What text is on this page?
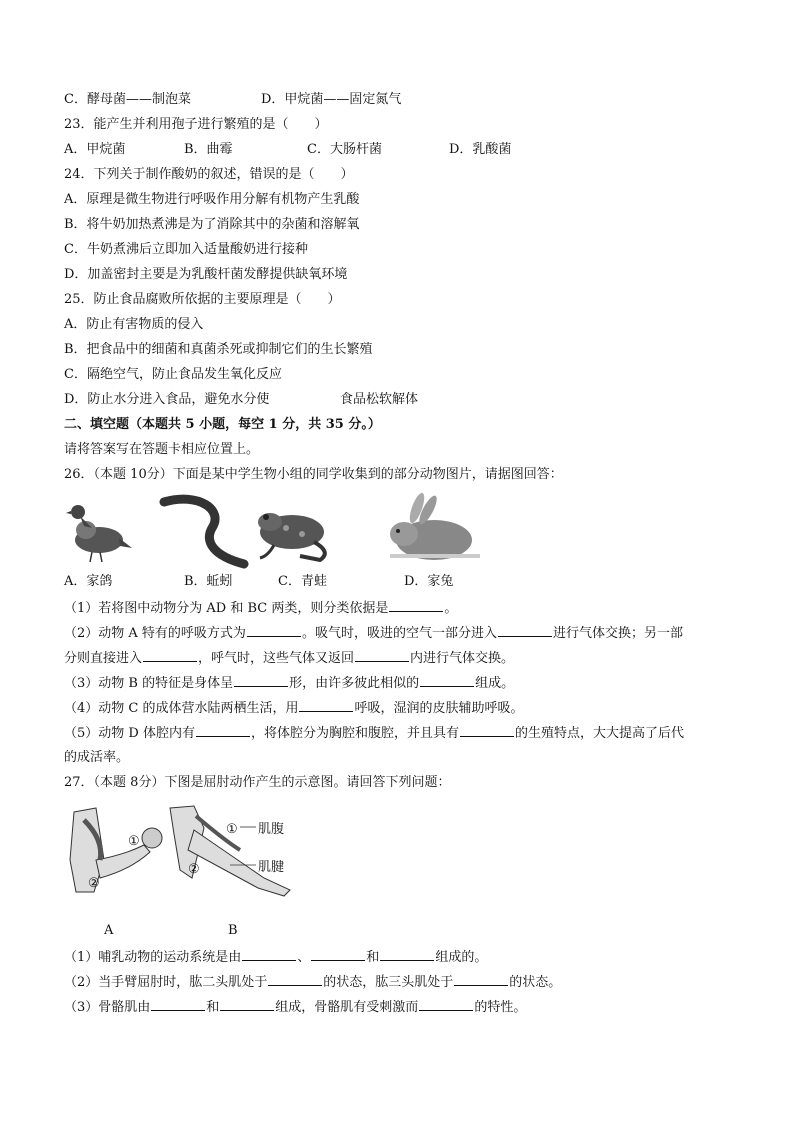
C．酵母菌——制泡菜	D．甲烷菌——固定氮气
23．能产生并利用孢子进行繁殖的是（　　）
A．甲烷菌	B．曲霉	C．大肠杆菌	D．乳酸菌
24．下列关于制作酸奶的叙述，错误的是（　　）
A．原理是微生物进行呼吸作用分解有机物产生乳酸
B．将牛奶加热煮沸是为了消除其中的杂菌和溶解氧
C．牛奶煮沸后立即加入适量酸奶进行接种
D．加盖密封主要是为乳酸杆菌发酵提供缺氧环境
25．防止食品腐败所依据的主要原理是（　　）
A．防止有害物质的侵入
B．把食品中的细菌和真菌杀死或抑制它们的生长繁殖
C．隔绝空气，防止食品发生氧化反应
D．防止水分进入食品，避免水分使	食品松软解体
二、填空题（本题共 5 小题，每空 1 分，共 35 分。）
请将答案写在答题卡相应位置上。
26．（本题 10分）下面是某中学生物小组的同学收集到的部分动物图片，请据图回答：
A．家鸽	B．蚯蚓	C．青蛙	D．家兔
（1）若将图中动物分为 AD 和 BC 两类，则分类依据是	。
（2）动物 A 特有的呼吸方式为	。吸气时，吸进的空气一部分进入	进行气体交换；另一部
分则直接进入	，呼气时，这些气体又返回	内进行气体交换。
（3）动物 B 的特征是身体呈	形，由许多彼此相似的	组成。
（4）动物 C 的成体营水陆两栖生活，用	呼吸，湿润的皮肤辅助呼吸。
（5）动物 D 体腔内有	，将体腔分为胸腔和腹腔，并且具有	的生殖特点，大大提高了后代
的成活率。
27．（本题 8分）下图是屈肘动作产生的示意图。请回答下列问题：
①
②
①
②
肌腹
肌腱
A	B
（1）哺乳动物的运动系统是由	、	和	组成的。
（2）当手臂屈肘时，肱二头肌处于	的状态，肱三头肌处于	的状态。
（3）骨骼肌由	和	组成，骨骼肌有受刺激而	的特性。
